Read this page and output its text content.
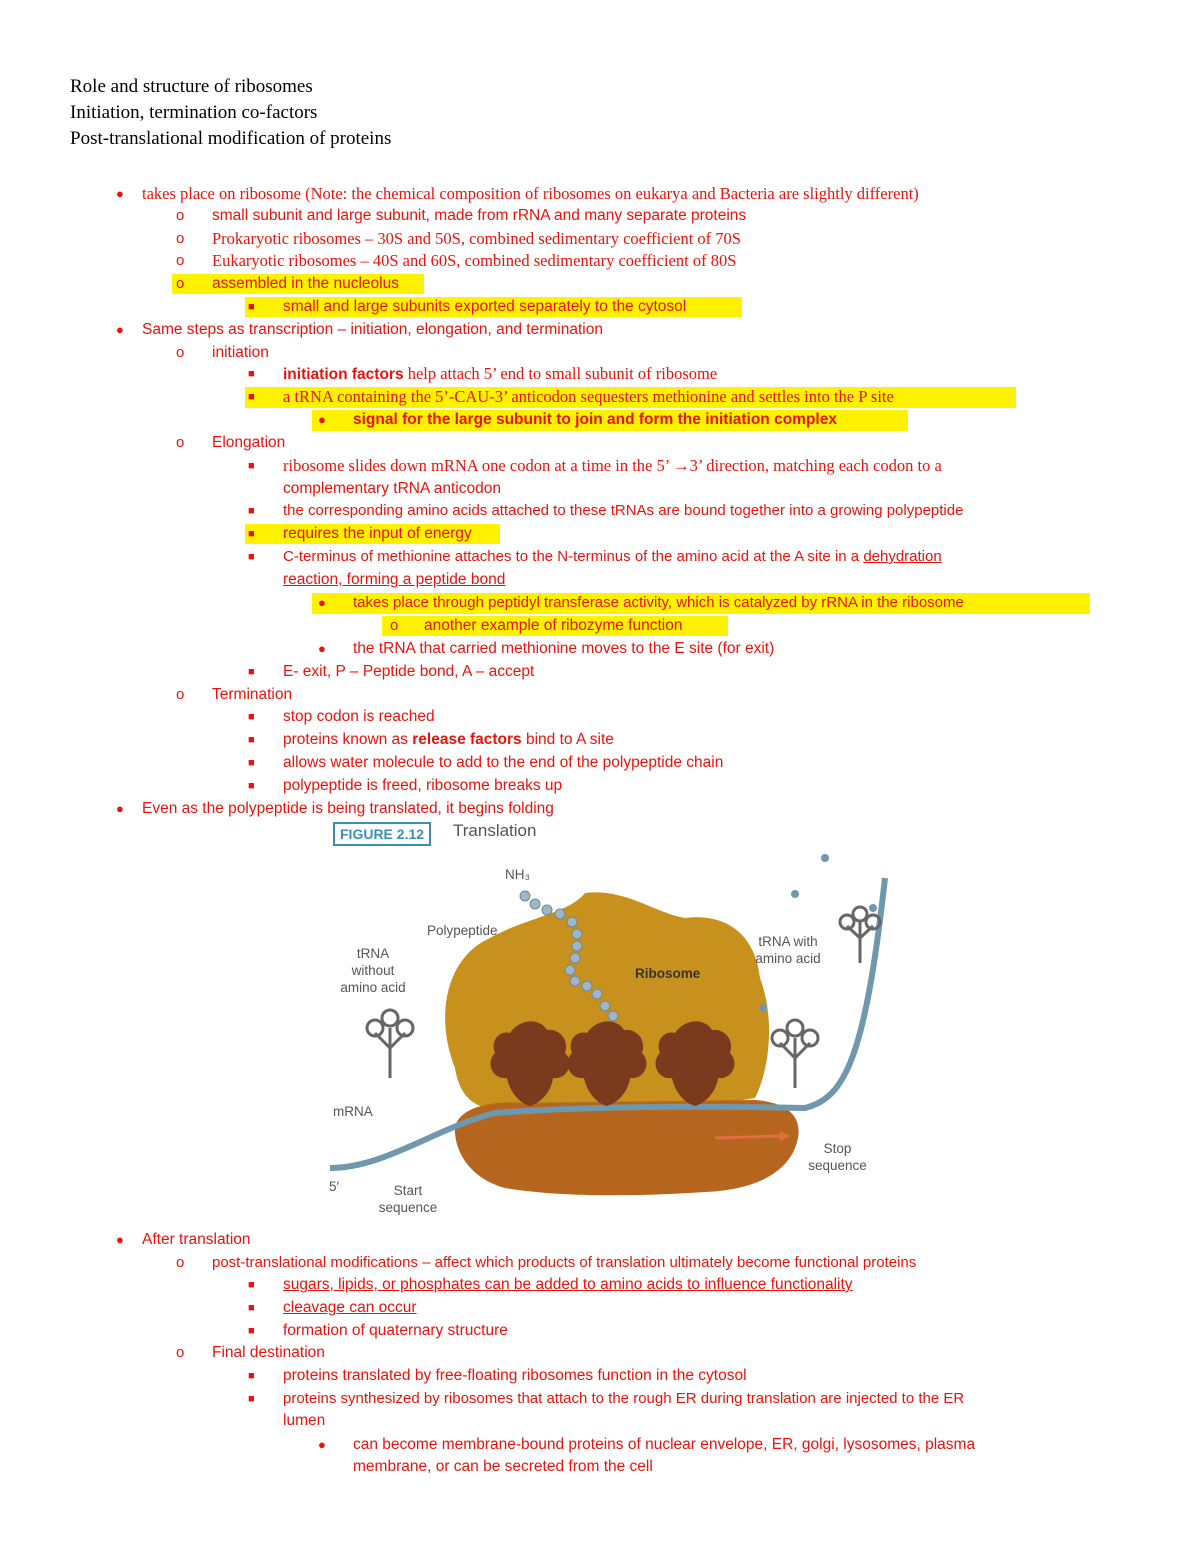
Role and structure of ribosomes
Initiation, termination co-factors
Post-translational modification of proteins
● takes place on ribosome (Note: the chemical composition of ribosomes on eukarya and Bacteria are slightly different)
o small subunit and large subunit, made from rRNA and many separate proteins
o Prokaryotic ribosomes – 30S and 50S, combined sedimentary coefficient of 70S
o Eukaryotic ribosomes – 40S and 60S, combined sedimentary coefficient of 80S
o assembled in the nucleolus
■ small and large subunits exported separately to the cytosol
● Same steps as transcription – initiation, elongation, and termination
o initiation
■ initiation factors help attach 5’ end to small subunit of ribosome
■ a tRNA containing the 5’-CAU-3’ anticodon sequesters methionine and settles into the P site
● signal for the large subunit to join and form the initiation complex
o Elongation
■ ribosome slides down mRNA one codon at a time in the 5’ →3’ direction, matching each codon to a
complementary tRNA anticodon
■ the corresponding amino acids attached to these tRNAs are bound together into a growing polypeptide
■ requires the input of energy
■ C-terminus of methionine attaches to the N-terminus of the amino acid at the A site in a dehydration
reaction, forming a peptide bond
● takes place through peptidyl transferase activity, which is catalyzed by rRNA in the ribosome
o another example of ribozyme function
● the tRNA that carried methionine moves to the E site (for exit)
■ E- exit, P – Peptide bond, A – accept
o Termination
■ stop codon is reached
■ proteins known as release factors bind to A site
■ allows water molecule to add to the end of the polypeptide chain
■ polypeptide is freed, ribosome breaks up
● Even as the polypeptide is being translated, it begins folding
FIGURE 2.12	Translation
NH₃
Polypeptide
tRNA
without
amino acid
Ribosome
tRNA with
amino acid
mRNA
5′	Start
sequence
Stop
sequence
● After translation
o post-translational modifications – affect which products of translation ultimately become functional proteins
■ sugars, lipids, or phosphates can be added to amino acids to influence functionality
■ cleavage can occur
■ formation of quaternary structure
o Final destination
■ proteins translated by free-floating ribosomes function in the cytosol
■ proteins synthesized by ribosomes that attach to the rough ER during translation are injected to the ER
lumen
● can become membrane-bound proteins of nuclear envelope, ER, golgi, lysosomes, plasma
membrane, or can be secreted from the cell
